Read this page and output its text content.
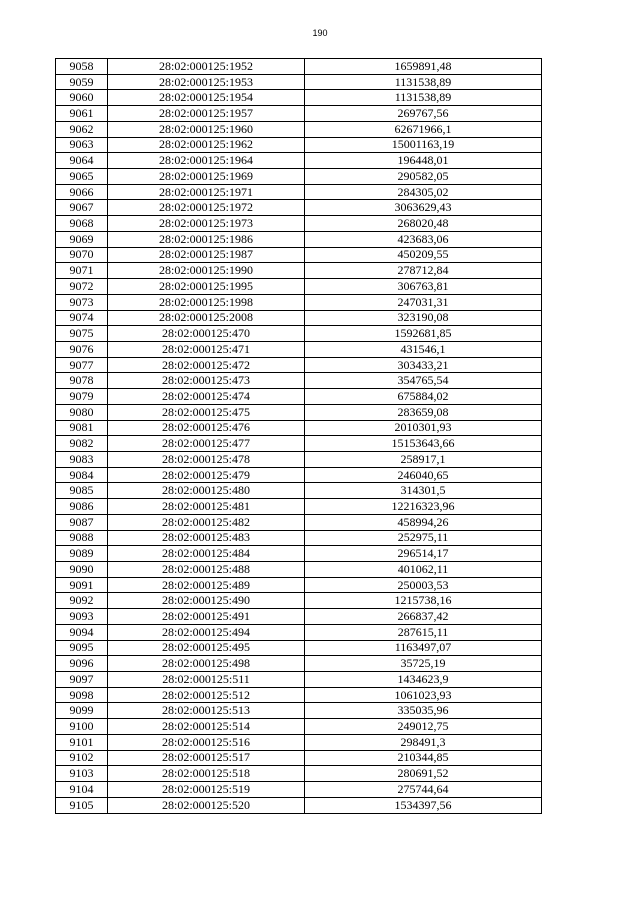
190
9058	28:02:000125:1952	1659891,48
9059	28:02:000125:1953	1131538,89
9060	28:02:000125:1954	1131538,89
9061	28:02:000125:1957	269767,56
9062	28:02:000125:1960	62671966,1
9063	28:02:000125:1962	15001163,19
9064	28:02:000125:1964	196448,01
9065	28:02:000125:1969	290582,05
9066	28:02:000125:1971	284305,02
9067	28:02:000125:1972	3063629,43
9068	28:02:000125:1973	268020,48
9069	28:02:000125:1986	423683,06
9070	28:02:000125:1987	450209,55
9071	28:02:000125:1990	278712,84
9072	28:02:000125:1995	306763,81
9073	28:02:000125:1998	247031,31
9074	28:02:000125:2008	323190,08
9075	28:02:000125:470	1592681,85
9076	28:02:000125:471	431546,1
9077	28:02:000125:472	303433,21
9078	28:02:000125:473	354765,54
9079	28:02:000125:474	675884,02
9080	28:02:000125:475	283659,08
9081	28:02:000125:476	2010301,93
9082	28:02:000125:477	15153643,66
9083	28:02:000125:478	258917,1
9084	28:02:000125:479	246040,65
9085	28:02:000125:480	314301,5
9086	28:02:000125:481	12216323,96
9087	28:02:000125:482	458994,26
9088	28:02:000125:483	252975,11
9089	28:02:000125:484	296514,17
9090	28:02:000125:488	401062,11
9091	28:02:000125:489	250003,53
9092	28:02:000125:490	1215738,16
9093	28:02:000125:491	266837,42
9094	28:02:000125:494	287615,11
9095	28:02:000125:495	1163497,07
9096	28:02:000125:498	35725,19
9097	28:02:000125:511	1434623,9
9098	28:02:000125:512	1061023,93
9099	28:02:000125:513	335035,96
9100	28:02:000125:514	249012,75
9101	28:02:000125:516	298491,3
9102	28:02:000125:517	210344,85
9103	28:02:000125:518	280691,52
9104	28:02:000125:519	275744,64
9105	28:02:000125:520	1534397,56
